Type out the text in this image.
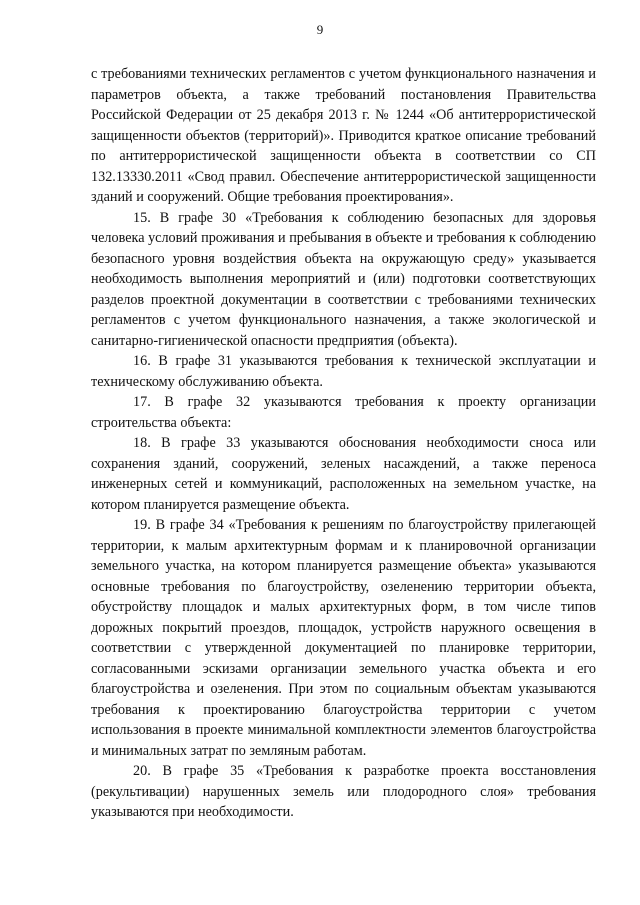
9

с требованиями технических регламентов с учетом функционального назначения и параметров объекта, а также требований постановления Правительства Российской Федерации от 25 декабря 2013 г. № 1244 «Об антитеррористической защищенности объектов (территорий)». Приводится краткое описание требований по антитеррористической защищенности объекта в соответствии со СП 132.13330.2011 «Свод правил. Обеспечение антитеррористической защищенности зданий и сооружений. Общие требования проектирования».

15. В графе 30 «Требования к соблюдению безопасных для здоровья человека условий проживания и пребывания в объекте и требования к соблюдению безопасного уровня воздействия объекта на окружающую среду» указывается необходимость выполнения мероприятий и (или) подготовки соответствующих разделов проектной документации в соответствии с требованиями технических регламентов с учетом функционального назначения, а также экологической и санитарно-гигиенической опасности предприятия (объекта).

16. В графе 31 указываются требования к технической эксплуатации и техническому обслуживанию объекта.

17. В графе 32 указываются требования к проекту организации строительства объекта:

18. В графе 33 указываются обоснования необходимости сноса или сохранения зданий, сооружений, зеленых насаждений, а также переноса инженерных сетей и коммуникаций, расположенных на земельном участке, на котором планируется размещение объекта.

19. В графе 34 «Требования к решениям по благоустройству прилегающей территории, к малым архитектурным формам и к планировочной организации земельного участка, на котором планируется размещение объекта» указываются основные требования по благоустройству, озеленению территории объекта, обустройству площадок и малых архитектурных форм, в том числе типов дорожных покрытий проездов, площадок, устройств наружного освещения в соответствии с утвержденной документацией по планировке территории, согласованными эскизами организации земельного участка объекта и его благоустройства и озеленения. При этом по социальным объектам указываются требования к проектированию благоустройства территории с учетом использования в проекте минимальной комплектности элементов благоустройства и минимальных затрат по земляным работам.

20. В графе 35 «Требования к разработке проекта восстановления (рекультивации) нарушенных земель или плодородного слоя» требования указываются при необходимости.
